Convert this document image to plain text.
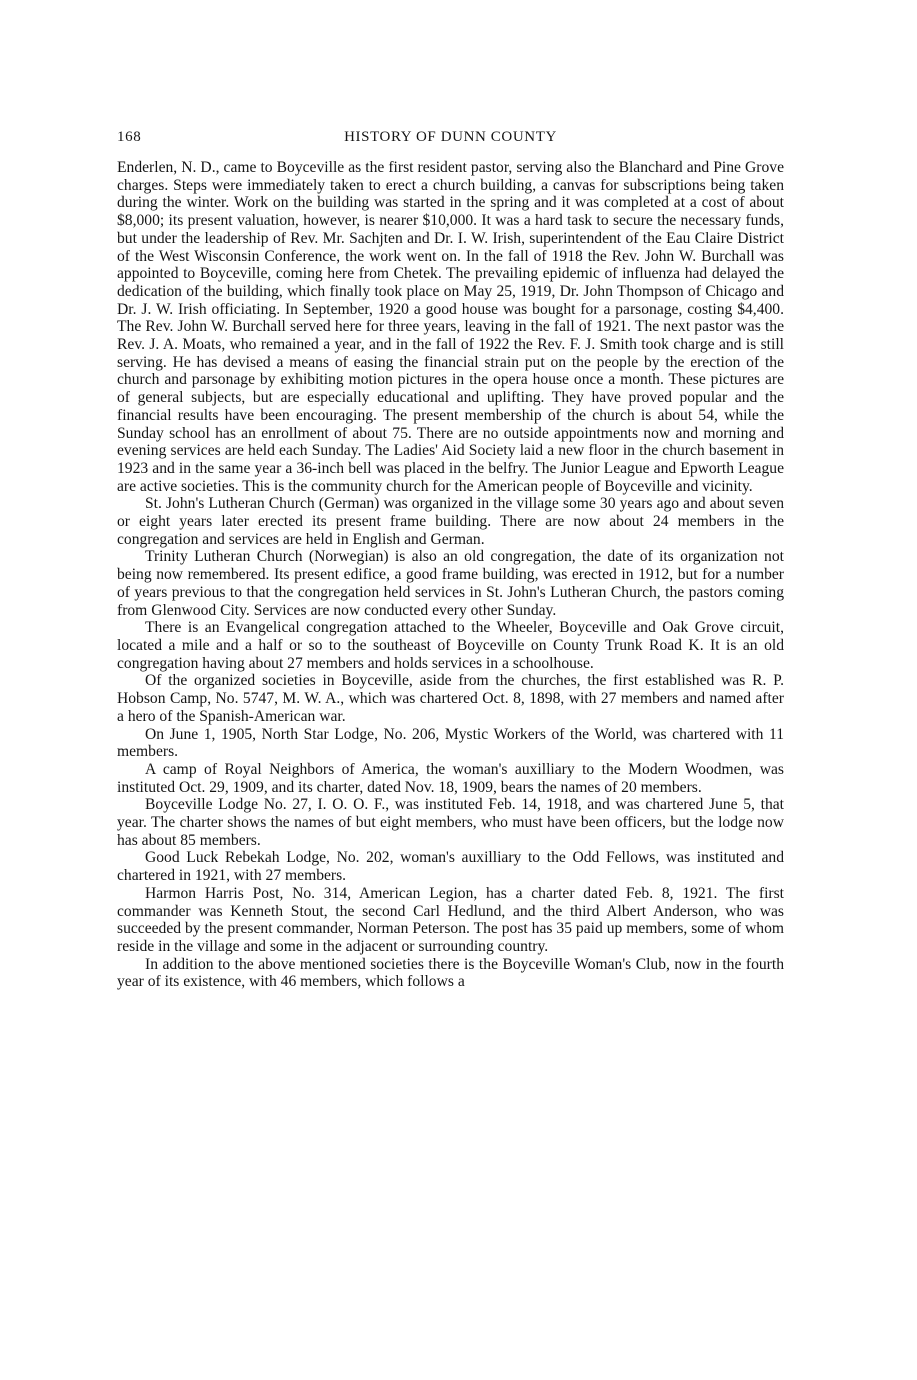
168	HISTORY OF DUNN COUNTY

Enderlen, N. D., came to Boyceville as the first resident pastor, serving also the Blanchard and Pine Grove charges. Steps were immediately taken to erect a church building, a canvas for subscriptions being taken during the winter. Work on the building was started in the spring and it was completed at a cost of about $8,000; its present valuation, however, is nearer $10,000. It was a hard task to secure the necessary funds, but under the leadership of Rev. Mr. Sachjten and Dr. I. W. Irish, superintendent of the Eau Claire District of the West Wisconsin Conference, the work went on. In the fall of 1918 the Rev. John W. Burchall was appointed to Boyceville, coming here from Chetek. The prevailing epidemic of influenza had delayed the dedication of the building, which finally took place on May 25, 1919, Dr. John Thompson of Chicago and Dr. J. W. Irish officiating. In September, 1920 a good house was bought for a parsonage, costing $4,400. The Rev. John W. Burchall served here for three years, leaving in the fall of 1921. The next pastor was the Rev. J. A. Moats, who remained a year, and in the fall of 1922 the Rev. F. J. Smith took charge and is still serving. He has devised a means of easing the financial strain put on the people by the erection of the church and parsonage by exhibiting motion pictures in the opera house once a month. These pictures are of general subjects, but are especially educational and uplifting. They have proved popular and the financial results have been encouraging. The present membership of the church is about 54, while the Sunday school has an enrollment of about 75. There are no outside appointments now and morning and evening services are held each Sunday. The Ladies' Aid Society laid a new floor in the church basement in 1923 and in the same year a 36-inch bell was placed in the belfry. The Junior League and Epworth League are active societies. This is the community church for the American people of Boyceville and vicinity.

St. John's Lutheran Church (German) was organized in the village some 30 years ago and about seven or eight years later erected its present frame building. There are now about 24 members in the congregation and services are held in English and German.

Trinity Lutheran Church (Norwegian) is also an old congregation, the date of its organization not being now remembered. Its present edifice, a good frame building, was erected in 1912, but for a number of years previous to that the congregation held services in St. John's Lutheran Church, the pastors coming from Glenwood City. Services are now conducted every other Sunday.

There is an Evangelical congregation attached to the Wheeler, Boyceville and Oak Grove circuit, located a mile and a half or so to the southeast of Boyceville on County Trunk Road K. It is an old congregation having about 27 members and holds services in a schoolhouse.

Of the organized societies in Boyceville, aside from the churches, the first established was R. P. Hobson Camp, No. 5747, M. W. A., which was chartered Oct. 8, 1898, with 27 members and named after a hero of the Spanish-American war.

On June 1, 1905, North Star Lodge, No. 206, Mystic Workers of the World, was chartered with 11 members.

A camp of Royal Neighbors of America, the woman's auxilliary to the Modern Woodmen, was instituted Oct. 29, 1909, and its charter, dated Nov. 18, 1909, bears the names of 20 members.

Boyceville Lodge No. 27, I. O. O. F., was instituted Feb. 14, 1918, and was chartered June 5, that year. The charter shows the names of but eight members, who must have been officers, but the lodge now has about 85 members.

Good Luck Rebekah Lodge, No. 202, woman's auxilliary to the Odd Fellows, was instituted and chartered in 1921, with 27 members.

Harmon Harris Post, No. 314, American Legion, has a charter dated Feb. 8, 1921. The first commander was Kenneth Stout, the second Carl Hedlund, and the third Albert Anderson, who was succeeded by the present commander, Norman Peterson. The post has 35 paid up members, some of whom reside in the village and some in the adjacent or surrounding country.

In addition to the above mentioned societies there is the Boyceville Woman's Club, now in the fourth year of its existence, with 46 members, which follows a
